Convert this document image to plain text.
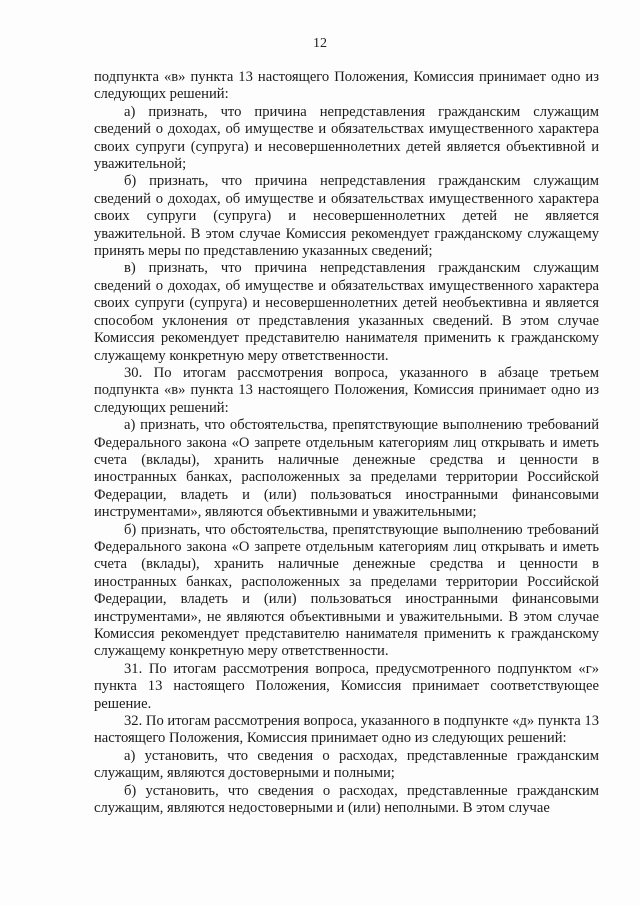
12

подпункта «в» пункта 13 настоящего Положения, Комиссия принимает одно из следующих решений:

а) признать, что причина непредставления гражданским служащим сведений о доходах, об имуществе и обязательствах имущественного характера своих супруги (супруга) и несовершеннолетних детей является объективной и уважительной;

б) признать, что причина непредставления гражданским служащим сведений о доходах, об имуществе и обязательствах имущественного характера своих супруги (супруга) и несовершеннолетних детей не является уважительной. В этом случае Комиссия рекомендует гражданскому служащему принять меры по представлению указанных сведений;

в) признать, что причина непредставления гражданским служащим сведений о доходах, об имуществе и обязательствах имущественного характера своих супруги (супруга) и несовершеннолетних детей необъективна и является способом уклонения от представления указанных сведений. В этом случае Комиссия рекомендует представителю нанимателя применить к гражданскому служащему конкретную меру ответственности.

30. По итогам рассмотрения вопроса, указанного в абзаце третьем подпункта «в» пункта 13 настоящего Положения, Комиссия принимает одно из следующих решений:

а) признать, что обстоятельства, препятствующие выполнению требований Федерального закона «О запрете отдельным категориям лиц открывать и иметь счета (вклады), хранить наличные денежные средства и ценности в иностранных банках, расположенных за пределами территории Российской Федерации, владеть и (или) пользоваться иностранными финансовыми инструментами», являются объективными и уважительными;

б) признать, что обстоятельства, препятствующие выполнению требований Федерального закона «О запрете отдельным категориям лиц открывать и иметь счета (вклады), хранить наличные денежные средства и ценности в иностранных банках, расположенных за пределами территории Российской Федерации, владеть и (или) пользоваться иностранными финансовыми инструментами», не являются объективными и уважительными. В этом случае Комиссия рекомендует представителю нанимателя применить к гражданскому служащему конкретную меру ответственности.

31. По итогам рассмотрения вопроса, предусмотренного подпунктом «г» пункта 13 настоящего Положения, Комиссия принимает соответствующее решение.

32. По итогам рассмотрения вопроса, указанного в подпункте «д» пункта 13 настоящего Положения, Комиссия принимает одно из следующих решений:

а) установить, что сведения о расходах, представленные гражданским служащим, являются достоверными и полными;

б) установить, что сведения о расходах, представленные гражданским служащим, являются недостоверными и (или) неполными. В этом случае
